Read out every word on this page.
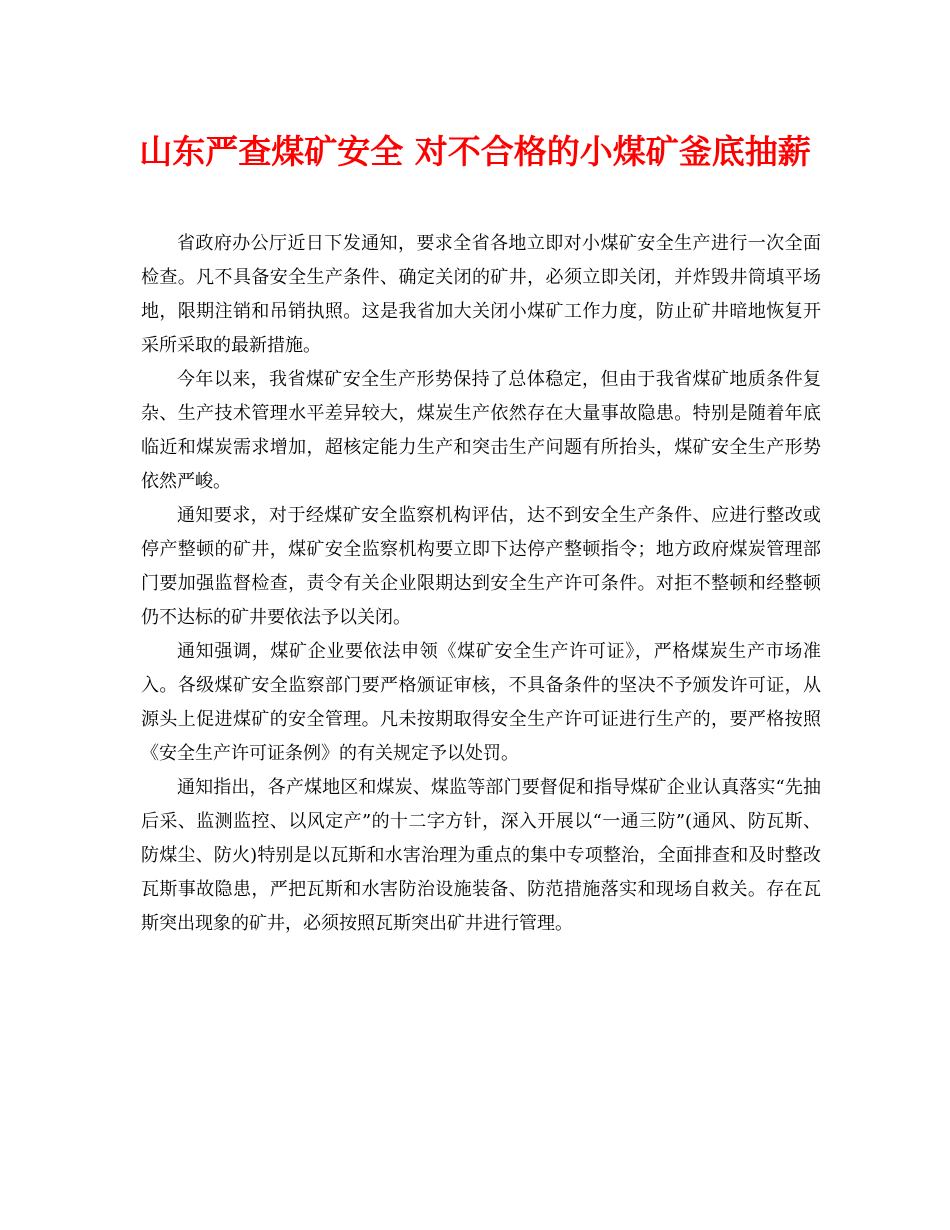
山东严查煤矿安全 对不合格的小煤矿釜底抽薪

省政府办公厅近日下发通知，要求全省各地立即对小煤矿安全生产进行一次全面检查。凡不具备安全生产条件、确定关闭的矿井，必须立即关闭，并炸毁井筒填平场地，限期注销和吊销执照。这是我省加大关闭小煤矿工作力度，防止矿井暗地恢复开采所采取的最新措施。

今年以来，我省煤矿安全生产形势保持了总体稳定，但由于我省煤矿地质条件复杂、生产技术管理水平差异较大，煤炭生产依然存在大量事故隐患。特别是随着年底临近和煤炭需求增加，超核定能力生产和突击生产问题有所抬头，煤矿安全生产形势依然严峻。

通知要求，对于经煤矿安全监察机构评估，达不到安全生产条件、应进行整改或停产整顿的矿井，煤矿安全监察机构要立即下达停产整顿指令；地方政府煤炭管理部门要加强监督检查，责令有关企业限期达到安全生产许可条件。对拒不整顿和经整顿仍不达标的矿井要依法予以关闭。

通知强调，煤矿企业要依法申领《煤矿安全生产许可证》，严格煤炭生产市场准入。各级煤矿安全监察部门要严格颁证审核，不具备条件的坚决不予颁发许可证，从源头上促进煤矿的安全管理。凡未按期取得安全生产许可证进行生产的，要严格按照《安全生产许可证条例》的有关规定予以处罚。

通知指出，各产煤地区和煤炭、煤监等部门要督促和指导煤矿企业认真落实“先抽后采、监测监控、以风定产”的十二字方针，深入开展以“一通三防”(通风、防瓦斯、防煤尘、防火)特别是以瓦斯和水害治理为重点的集中专项整治，全面排查和及时整改瓦斯事故隐患，严把瓦斯和水害防治设施装备、防范措施落实和现场自救关。存在瓦斯突出现象的矿井，必须按照瓦斯突出矿井进行管理。
